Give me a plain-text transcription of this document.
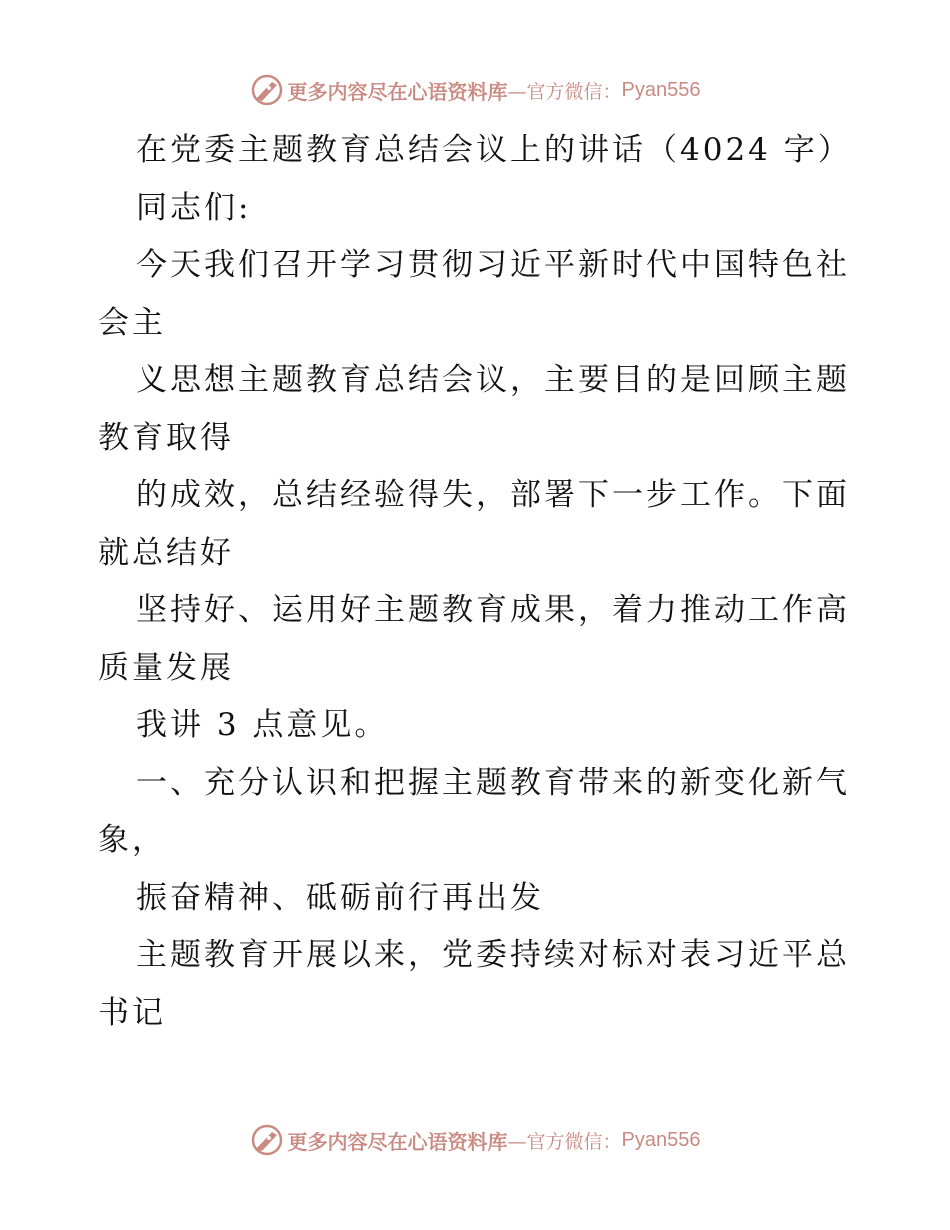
更多内容尽在心语资料库 —官方微信： Pyan556
在党委主题教育总结会议上的讲话（4024 字）
同志们:
今天我们召开学习贯彻习近平新时代中国特色社
会主
义思想主题教育总结会议，主要目的是回顾主题
教育取得
的成效，总结经验得失，部署下一步工作。下面
就总结好
坚持好、运用好主题教育成果，着力推动工作高
质量发展
我讲 3 点意见。
一、充分认识和把握主题教育带来的新变化新气
象，
振奋精神、砥砺前行再出发
主题教育开展以来，党委持续对标对表习近平总
书记
更多内容尽在心语资料库 —官方微信： Pyan556
